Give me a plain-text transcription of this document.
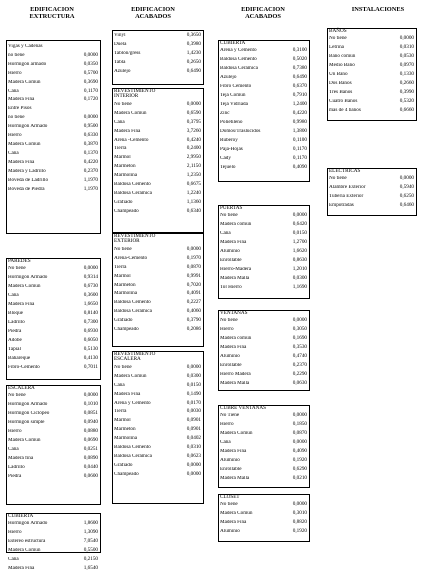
EDIFICACION
EXTRUCTURA
EDIFICACION
ACABADOS
EDIFICACION
ACABADOS
INSTALACIONES
Vigas y Cadenas
no tiene	0,0000
Hormigón armado	0,0350
Hierro	0,5700
Madera Común	0,3690
Caña	0,1170
Madera Fina	0,1720
Entre Pisos
no tiene	0,0000
Hormigón Armado	0,9500
Hierro	0,6330
Madera Común	0,3870
Caña	0,1370
Madera Fina	0,4220
Madera y Ladrillo	0,2370
Bóveda de Ladrillo	1,1970
Bóveda de Piedra	1,1970
PAREDES
No tiene	0,0000
Hormigón Armado	0,9314
Madera Común	0,6730
Caña	0,3600
Madera Fina	1,6650
Bloque	0,8140
Ladrillo	0,7300
Piedra	0,6930
Adobe	0,6050
Tapial	0,5130
Bahareque	0,4130
Fibro-Cemento	0,7011
ESCALERA
No tiene	0,0000
Hormigón Armado	0,1010
Hormigón Ciclópeo	0,0851
Hormigón simple	0,0940
Hierro	0,0880
Madera Común	0,0690
Caña	0,0251
Madera fina	0,0890
Ladrillo	0,0440
Piedra	0,0600
CUBIERTA
Hormigón Armado	1,8600
Hierro	1,3090
Estereo estructura	7,0540
Madera Común	0,5500
Caña	0,2150
Madera Fina	1,6540
Vinyl	0,3650
Duela	0,3980
Tablón/gress	1,4230
Tabla	0,2650
Azulejo	0,6490
REVESTIMIENTO
INTERIOR
No tiene	0,0000
Madera Común	0,6590
Caña	0,3795
Madera Fina	3,7260
Arena -Cemento	0,4240
Tierra	0,2400
Mármol	2,9950
Marmeton	2,1150
Marmolina	1,2350
Baldosa Cemento	0,6675
Baldosa Cerámica	1,2240
Grafiado	1,1360
Champeado	0,6340
REVESTIMIENTO
EXTERIOR
No tiene	0,0000
Arena-Cemento	0,1970
Tierra	0,0870
Mármol	0,9991
Marmetón	0,7020
Marmolina	0,4091
Baldosa Cemento	0,2227
Baldosa Cerámica	0,4060
Grafiado	0,3790
Champeado	0,2086
REVESTIMIENTO
ESCALERA
No tiene	0,0000
Madera Común	0,0300
Caña	0,0150
Madera Fina	0,1490
Arena y Cemento	0,0170
Tierra	0,0030
Mármol	0,0901
Marmetón	0,0901
Marmolina	0,0402
Baldosa Cemento	0,0310
Baldosa Cerámica	0,0623
Grafiado	0,0000
Champeado	0,0000
CUBIERTA
Arena y Cemento	0,3100
Baldosa Cemento	0,5020
Baldosa Cerámica	0,7380
Azulejo	0,6490
Fibro Cemento	0,6370
Teja Común	0,7910
Teja Vidriada	1,2400
Zinc	0,4220
Polietileno	0,9980
Domos/Traslúcidos	1,3800
Ruberoy	0,1100
Paja-Hojas	0,1170
Cady	0,1170
Tejuelo	0,4090
PUERTAS
No tiene	0,0000
Madera común	0,6420
Caña	0,0150
Madera Fina	1,2700
Aluminio	1,6620
Enrollable	0,8630
Hierro-Madera	1,2010
Madera Malla	0,0300
Tol Hierro	1,1690
VENTANAS
No tiene	0,0000
Hierro	0,3050
Madera común	0,1690
Madera Fina	0,3530
Aluminio	0,4740
Enrollable	0,2370
Hierro Madera	0,2290
Madera Malla	0,0630
CUBRE VENTANAS
No Tiene	0,0000
Hierro	0,1850
Madera Común	0,0870
Caña	0,0000
Madera Fina	0,4090
Aluminio	0,1920
Enrollable	0,6290
Madera Malla	0,0210
CLOSET
No tiene	0,0000
Madera Común	0,3010
Madera Fina	0,8820
Aluminio	0,1920
BAÑOS
No tiene	0,0000
Letrina	0,0310
Baño común	0,0530
Medio Baño	0,0970
Un Baño	0,1330
Dos Baños	0,2660
Tres Baños	0,3990
Cuatro Baños	0,5320
mas de 4 baños	0,6660
ELECTRICAS
No tiene	0,0000
Alambre Exterior	0,5940
Tubería Exterior	0,6250
Empotradas	0,6460
